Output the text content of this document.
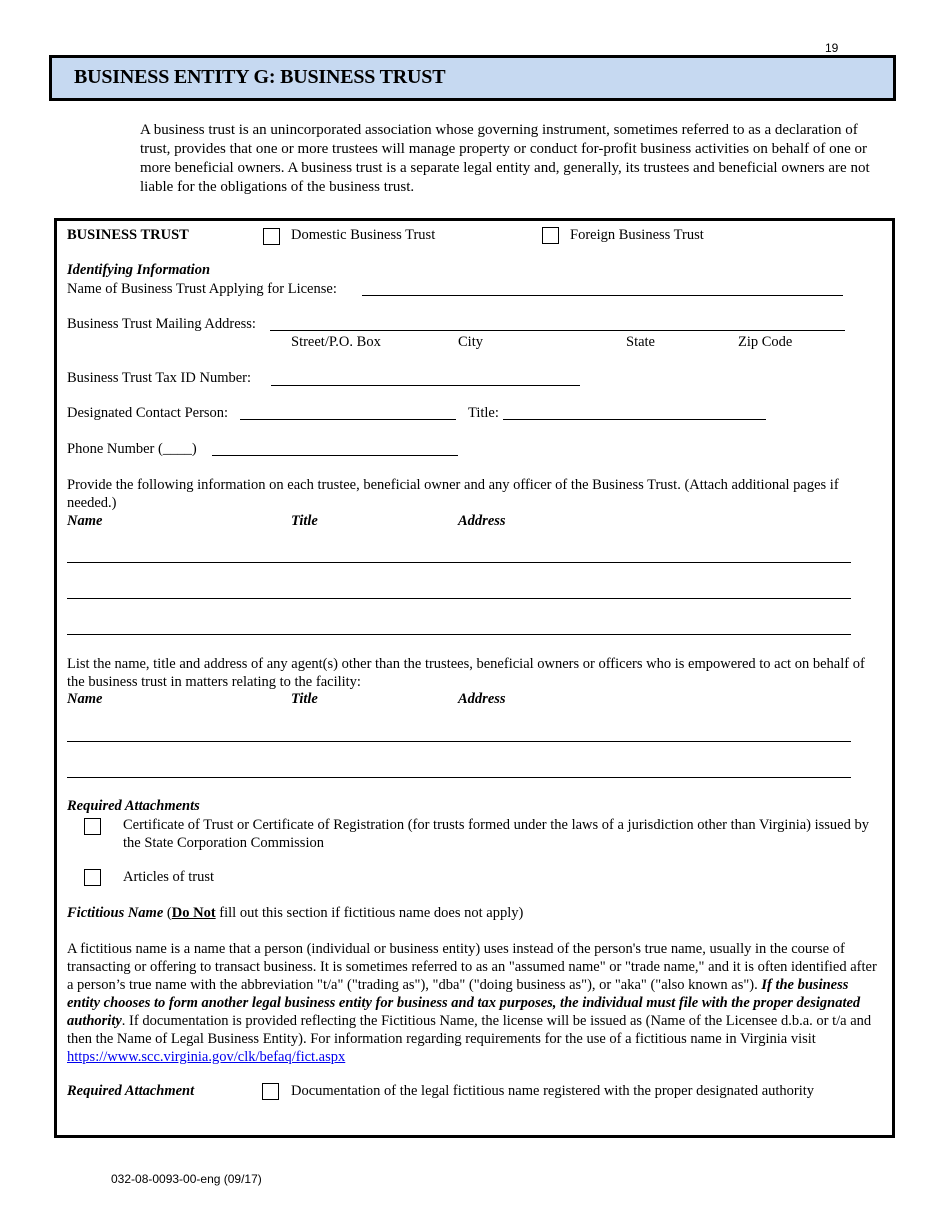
19
BUSINESS ENTITY G: BUSINESS TRUST
A business trust is an unincorporated association whose governing instrument, sometimes referred to as a declaration of trust, provides that one or more trustees will manage property or conduct for-profit business activities on behalf of one or more beneficial owners. A business trust is a separate legal entity and, generally, its trustees and beneficial owners are not liable for the obligations of the business trust.
BUSINESS TRUST	Domestic Business Trust	Foreign Business Trust
Identifying Information
Name of Business Trust Applying for License:
Business Trust Mailing Address:
Street/P.O. Box	City	State	Zip Code
Business Trust Tax ID Number:
Designated Contact Person:	Title:
Phone Number (____)
Provide the following information on each trustee, beneficial owner and any officer of the Business Trust. (Attach additional pages if needed.)
Name	Title	Address
List the name, title and address of any agent(s) other than the trustees, beneficial owners or officers who is empowered to act on behalf of the business trust in matters relating to the facility:
Name	Title	Address
Required Attachments
Certificate of Trust or Certificate of Registration (for trusts formed under the laws of a jurisdiction other than Virginia) issued by the State Corporation Commission
Articles of trust
Fictitious Name (Do Not fill out this section if fictitious name does not apply)
A fictitious name is a name that a person (individual or business entity) uses instead of the person's true name, usually in the course of transacting or offering to transact business. It is sometimes referred to as an "assumed name" or "trade name," and it is often identified after a person’s true name with the abbreviation "t/a" ("trading as"), "dba" ("doing business as"), or "aka" ("also known as"). If the business entity chooses to form another legal business entity for business and tax purposes, the individual must file with the proper designated authority. If documentation is provided reflecting the Fictitious Name, the license will be issued as (Name of the Licensee d.b.a. or t/a and then the Name of Legal Business Entity). For information regarding requirements for the use of a fictitious name in Virginia visit https://www.scc.virginia.gov/clk/befaq/fict.aspx
Required Attachment	Documentation of the legal fictitious name registered with the proper designated authority
032-08-0093-00-eng (09/17)
